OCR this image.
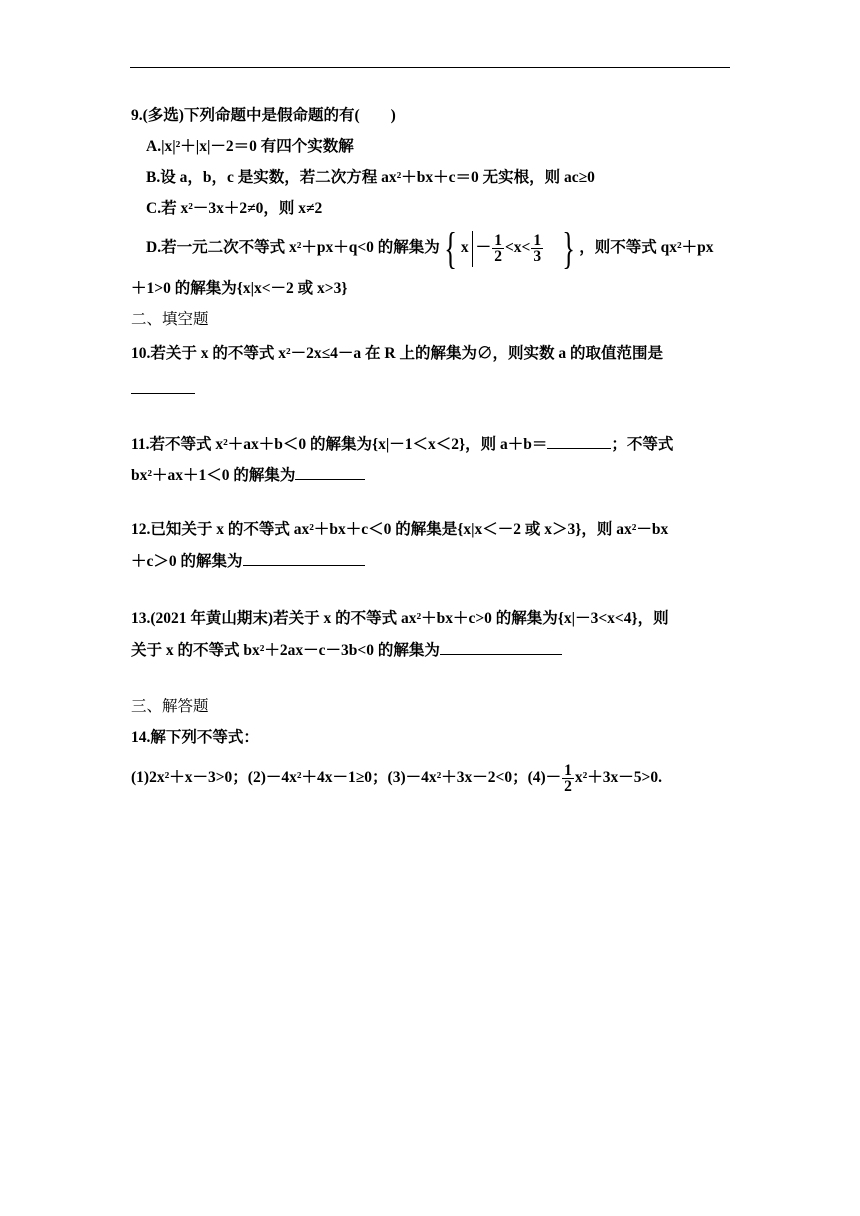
9.(多选)下列命题中是假命题的有(　　)
A.|x|²＋|x|－2＝0 有四个实数解
B.设 a，b，c 是实数，若二次方程 ax²＋bx＋c＝0 无实根，则 ac≥0
C.若 x²－3x＋2≠0，则 x≠2
D.若一元二次不等式 x²＋px＋q<0 的解集为{ $x - \frac{1}{2} <x< \frac{1}{3}$ } ，则不等式 qx²＋px
＋1>0 的解集为{x|x<－2 或 x>3}
二、填空题
10.若关于 x 的不等式 x²－2x≤4－a 在 R 上的解集为∅，则实数 a 的取值范围是
11.若不等式 x²＋ax＋b＜0 的解集为{x|－1＜x＜2}，则 a＋b＝	；不等式
bx²＋ax＋1＜0 的解集为
12.已知关于 x 的不等式 ax²＋bx＋c＜0 的解集是{x|x＜－2 或 x＞3}，则 ax²－bx
＋c＞0 的解集为
13.(2021 年黄山期末)若关于 x 的不等式 ax²＋bx＋c>0 的解集为{x|－3<x<4}，则
关于 x 的不等式 bx²＋2ax－c－3b<0 的解集为
三、解答题
14.解下列不等式：
(1)2x²＋x－3>0；(2)－4x²＋4x－1≥0；(3)－4x²＋3x－2<0；$(4)- \frac{1}{2} x^2+3x-5>0$.
